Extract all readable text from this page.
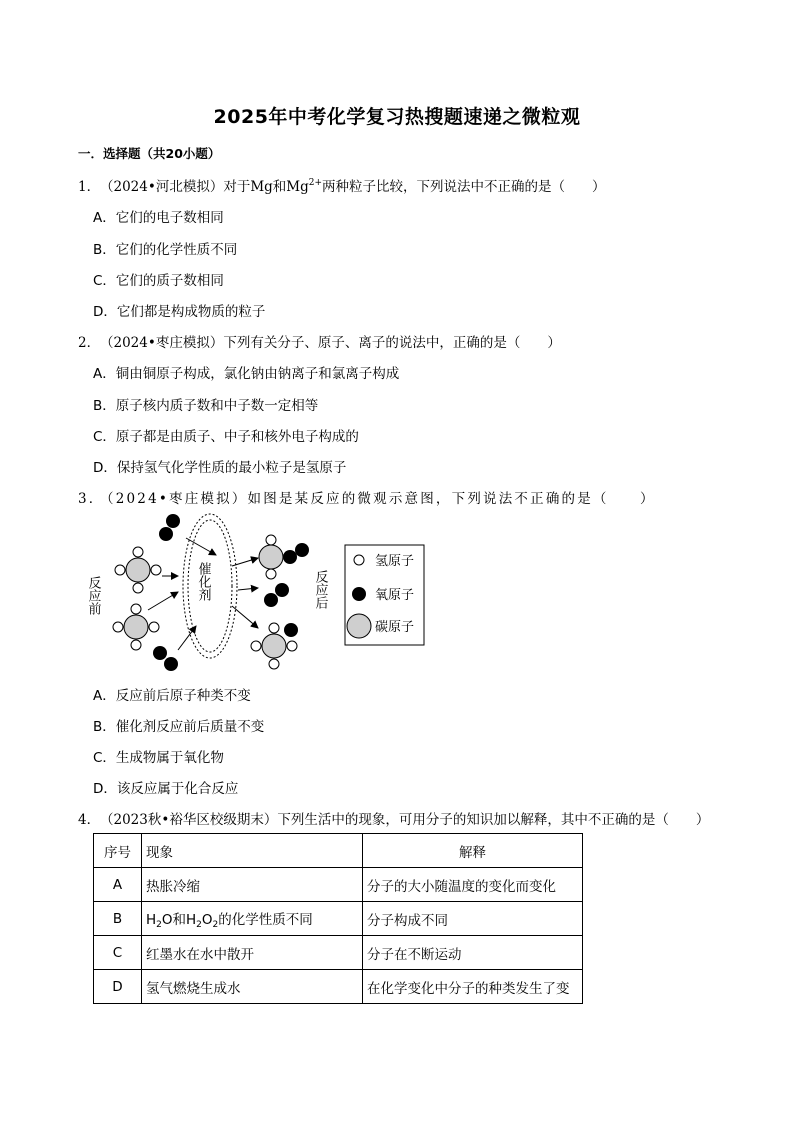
2025年中考化学复习热搜题速递之微粒观
一．选择题（共20小题）
1．（2024•河北模拟）对于Mg和$Mg^{2+}$两种粒子比较，下列说法中不正确的是（　　）
A．它们的电子数相同
B．它们的化学性质不同
C．它们的质子数相同
D．它们都是构成物质的粒子
2．（2024•枣庄模拟）下列有关分子、原子、离子的说法中，正确的是（　　）
A．铜由铜原子构成，氯化钠由钠离子和氯离子构成
B．原子核内质子数和中子数一定相等
C．原子都是由质子、中子和核外电子构成的
D．保持氢气化学性质的最小粒子是氢原子
3．（2024•枣庄模拟）如图是某反应的微观示意图，下列说法不正确的是（　　）
反应前	催化剂	反应后
氢原子
氧原子
碳原子
A．反应前后原子种类不变
B．催化剂反应前后质量不变
C．生成物属于氧化物
D．该反应属于化合反应
4．（2023秋•裕华区校级期末）下列生活中的现象，可用分子的知识加以解释，其中不正确的是（　　）
序号	现象	解释
A	热胀冷缩	分子的大小随温度的变化而变化
B	$H_2O$和$H_2O_2$的化学性质不同	分子构成不同
C	红墨水在水中散开	分子在不断运动
D	氢气燃烧生成水	在化学变化中分子的种类发生了变
